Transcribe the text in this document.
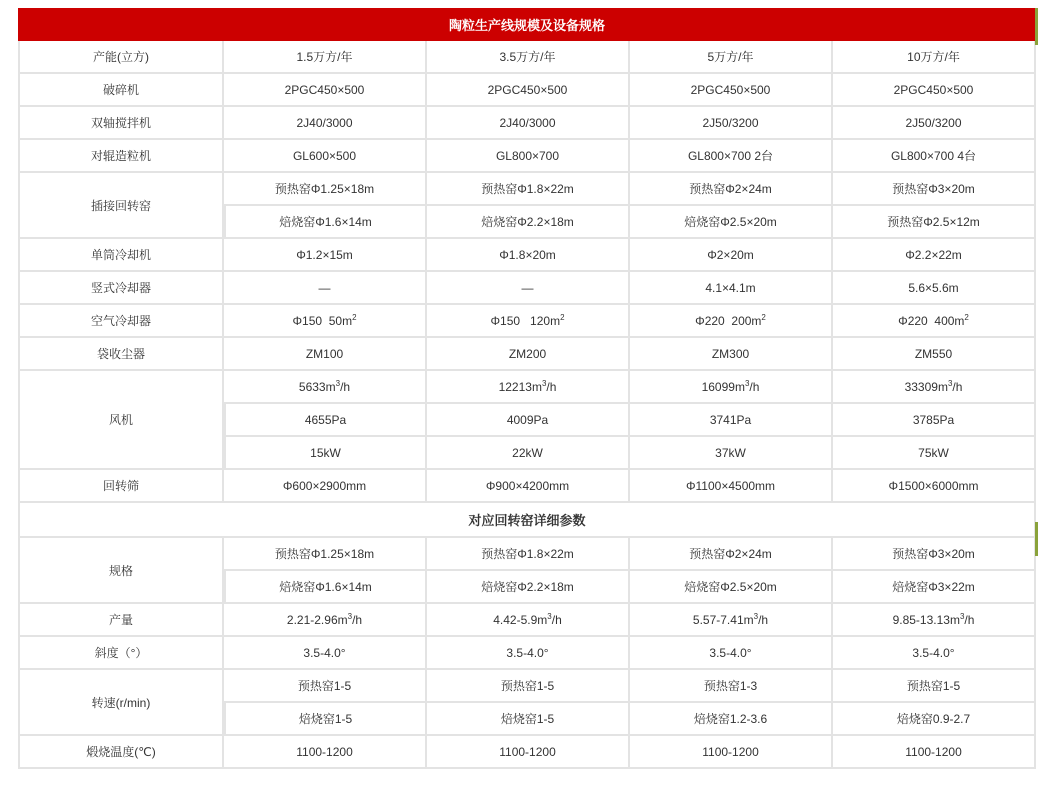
陶粒生产线规模及设备规格				
产能(立方)	1.5万方/年	3.5万方/年	5万方/年	10万方/年
破碎机	2PGC450×500	2PGC450×500	2PGC450×500	2PGC450×500
双轴搅拌机	2J40/3000	2J40/3000	2J50/3200	2J50/3200
对辊造粒机	GL600×500	GL800×700	GL800×700 2台	GL800×700 4台
插接回转窑	预热窑Φ1.25×18m	预热窑Φ1.8×22m	预热窑Φ2×24m	预热窑Φ3×20m
	焙烧窑Φ1.6×14m	焙烧窑Φ2.2×18m	焙烧窑Φ2.5×20m	预热窑Φ2.5×12m
单筒冷却机	Φ1.2×15m	Φ1.8×20m	Φ2×20m	Φ2.2×22m
竖式冷却器	—	—	4.1×4.1m	5.6×5.6m
空气冷却器	Φ150  $50m^2$	Φ150   $120m^2$	Φ220  $200m^2$	Φ220  $400m^2$
袋收尘器	ZM100	ZM200	ZM300	ZM550
风机	$5633m^3/h$	$12213m^3/h$	$16099m^3/h$	$33309m^3/h$
	4655Pa	4009Pa	3741Pa	3785Pa
	15kW	22kW	37kW	75kW
回转筛	Φ600×2900mm	Φ900×4200mm	Φ1100×4500mm	Φ1500×6000mm
对应回转窑详细参数				
规格	预热窑Φ1.25×18m	预热窑Φ1.8×22m	预热窑Φ2×24m	预热窑Φ3×20m
	焙烧窑Φ1.6×14m	焙烧窑Φ2.2×18m	焙烧窑Φ2.5×20m	焙烧窑Φ3×22m
产量	$2.21-2.96m^3/h$	$4.42-5.9m^3/h$	$5.57-7.41m^3/h$	$9.85-13.13m^3/h$
斜度（°）	3.5-4.0°	3.5-4.0°	3.5-4.0°	3.5-4.0°
转速(r/min)	预热窑1-5	预热窑1-5	预热窑1-3	预热窑1-5
	焙烧窑1-5	焙烧窑1-5	焙烧窑1.2-3.6	焙烧窑0.9-2.7
煅烧温度(℃)	1100-1200	1100-1200	1100-1200	1100-1200
